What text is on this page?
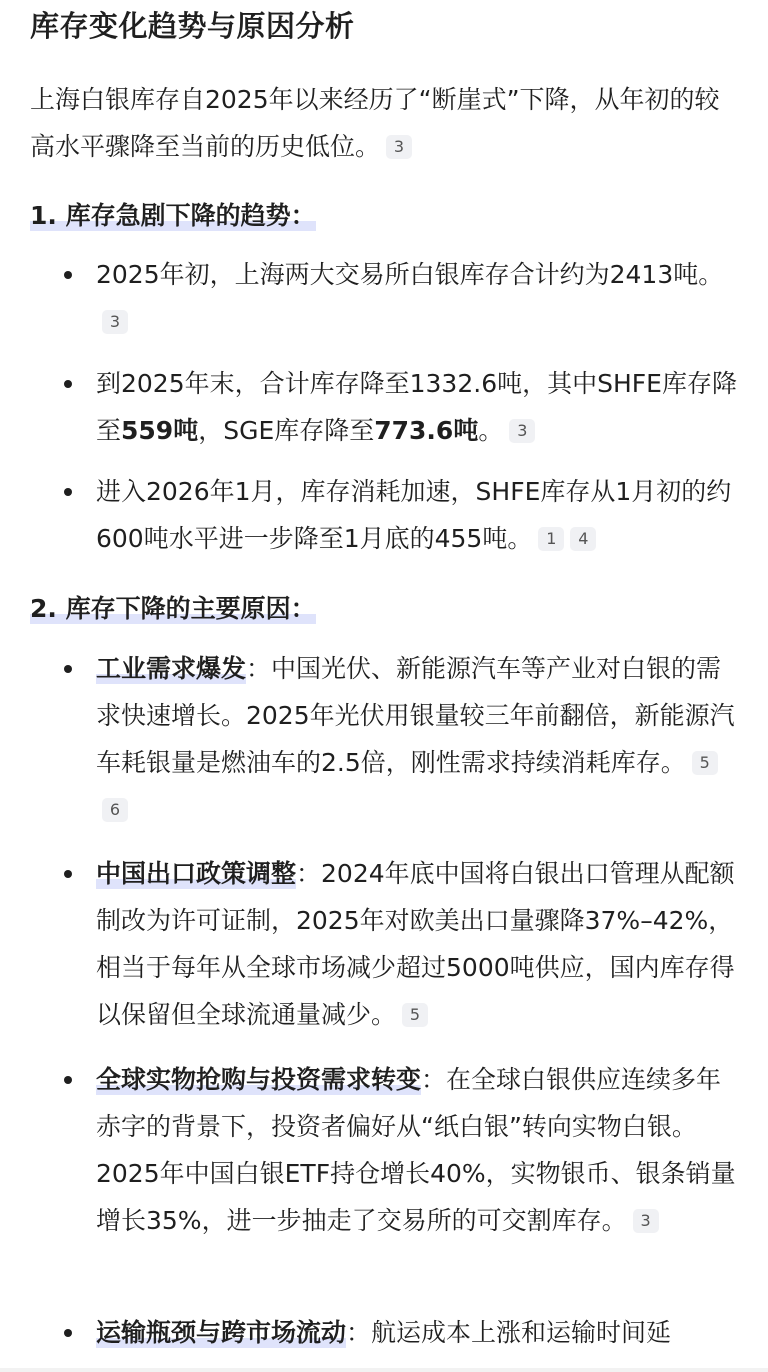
库存变化趋势与原因分析
上海白银库存自2025年以来经历了“断崖式”下降，从年初的较高水平骤降至当前的历史低位。 3
1. 库存急剧下降的趋势：
2025年初，上海两大交易所白银库存合计约为2413吨。3
到2025年末，合计库存降至1332.6吨，其中SHFE库存降至559吨，SGE库存降至773.6吨。 3
进入2026年1月，库存消耗加速，SHFE库存从1月初的约600吨水平进一步降至1月底的455吨。 1 4
2. 库存下降的主要原因：
工业需求爆发：中国光伏、新能源汽车等产业对白银的需求快速增长。2025年光伏用银量较三年前翻倍，新能源汽车耗银量是燃油车的2.5倍，刚性需求持续消耗库存。 56
中国出口政策调整：2024年底中国将白银出口管理从配额制改为许可证制，2025年对欧美出口量骤降37%–42%，相当于每年从全球市场减少超过5000吨供应，国内库存得以保留但全球流通量减少。 5
全球实物抢购与投资需求转变：在全球白银供应连续多年赤字的背景下，投资者偏好从“纸白银”转向实物白银。2025年中国白银ETF持仓增长40%，实物银币、银条销量增长35%，进一步抽走了交易所的可交割库存。 3
运输瓶颈与跨市场流动：航运成本上涨和运输时间延
